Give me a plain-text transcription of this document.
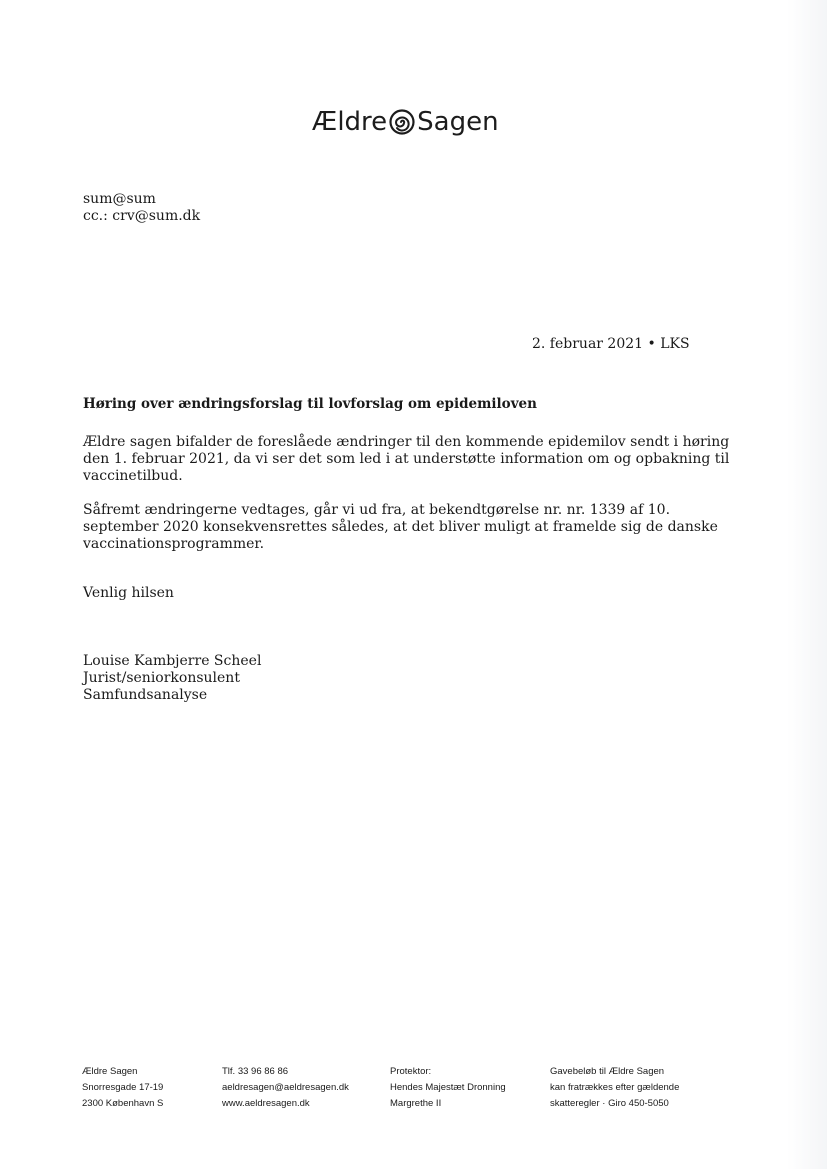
Ældre Sagen
sum@sum
cc.: crv@sum.dk
2. februar 2021 • LKS
Høring over ændringsforslag til lovforslag om epidemiloven
Ældre sagen bifalder de foreslåede ændringer til den kommende epidemilov sendt i høring
den 1. februar 2021, da vi ser det som led i at understøtte information om og opbakning til
vaccinetilbud.
Såfremt ændringerne vedtages, går vi ud fra, at bekendtgørelse nr. nr. 1339 af 10.
september 2020 konsekvensrettes således, at det bliver muligt at framelde sig de danske
vaccinationsprogrammer.
Venlig hilsen
Louise Kambjerre Scheel
Jurist/seniorkonsulent
Samfundsanalyse
Ældre Sagen
Snorresgade 17-19
2300 København S
Tlf. 33 96 86 86
aeldresagen@aeldresagen.dk
www.aeldresagen.dk
Protektor:
Hendes Majestæt Dronning
Margrethe II
Gavebeløb til Ældre Sagen
kan fratrækkes efter gældende
skatteregler · Giro 450-5050
